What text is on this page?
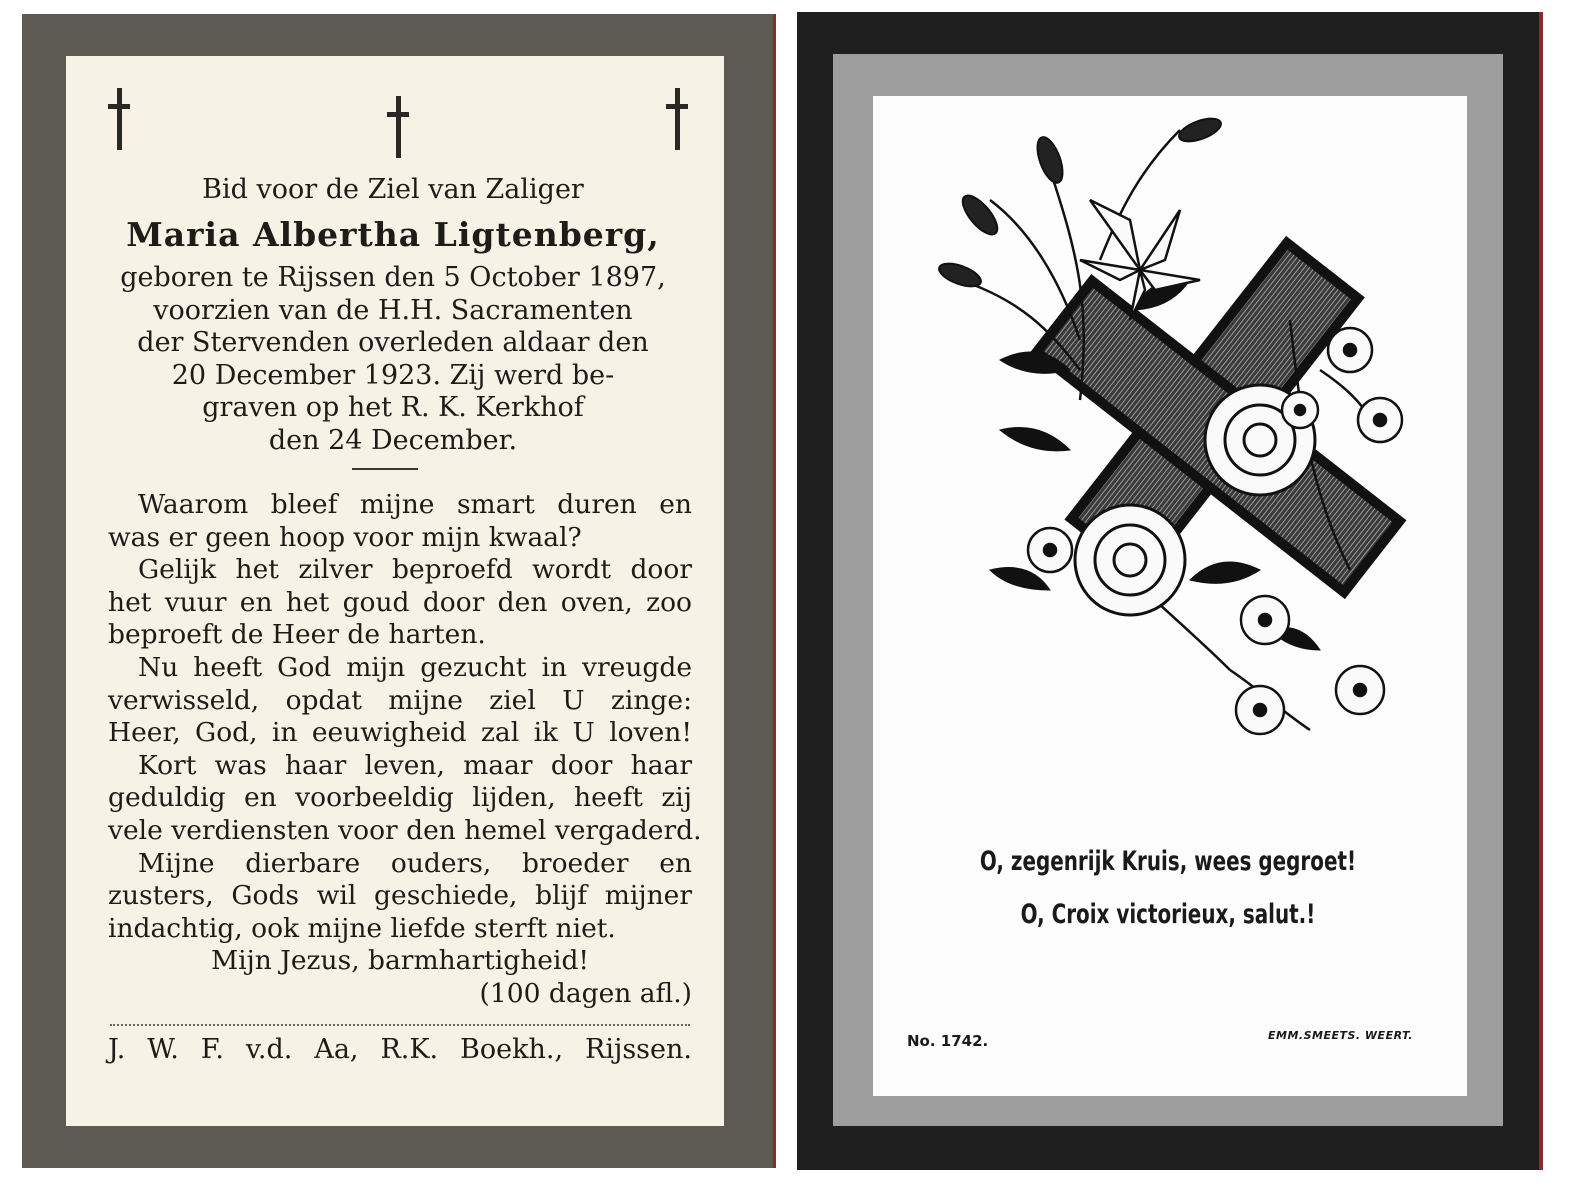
Bid voor de Ziel van Zaliger
Maria Albertha Ligtenberg,
geboren te Rijssen den 5 October 1897,
voorzien van de H.H. Sacramenten
der Stervenden overleden aldaar den
20 December 1923. Zij werd be-
graven op het R. K. Kerkhof
den 24 December.
Waarom bleef mijne smart duren en
was er geen hoop voor mijn kwaal?
Gelijk het zilver beproefd wordt door
het vuur en het goud door den oven, zoo
beproeft de Heer de harten.
Nu heeft God mijn gezucht in vreugde
verwisseld, opdat mijne ziel U zinge:
Heer, God, in eeuwigheid zal ik U loven!
Kort was haar leven, maar door haar
geduldig en voorbeeldig lijden, heeft zij
vele verdiensten voor den hemel vergaderd.
Mijne dierbare ouders, broeder en
zusters, Gods wil geschiede, blijf mijner
indachtig, ook mijne liefde sterft niet.
Mijn Jezus, barmhartigheid!
(100 dagen afl.)
J. W. F. v.d. Aa, R.K. Boekh., Rijssen.
O, zegenrijk Kruis, wees gegroet!
O, Croix victorieux, salut.!
No. 1742.	EMM.SMEETS. WEERT.
